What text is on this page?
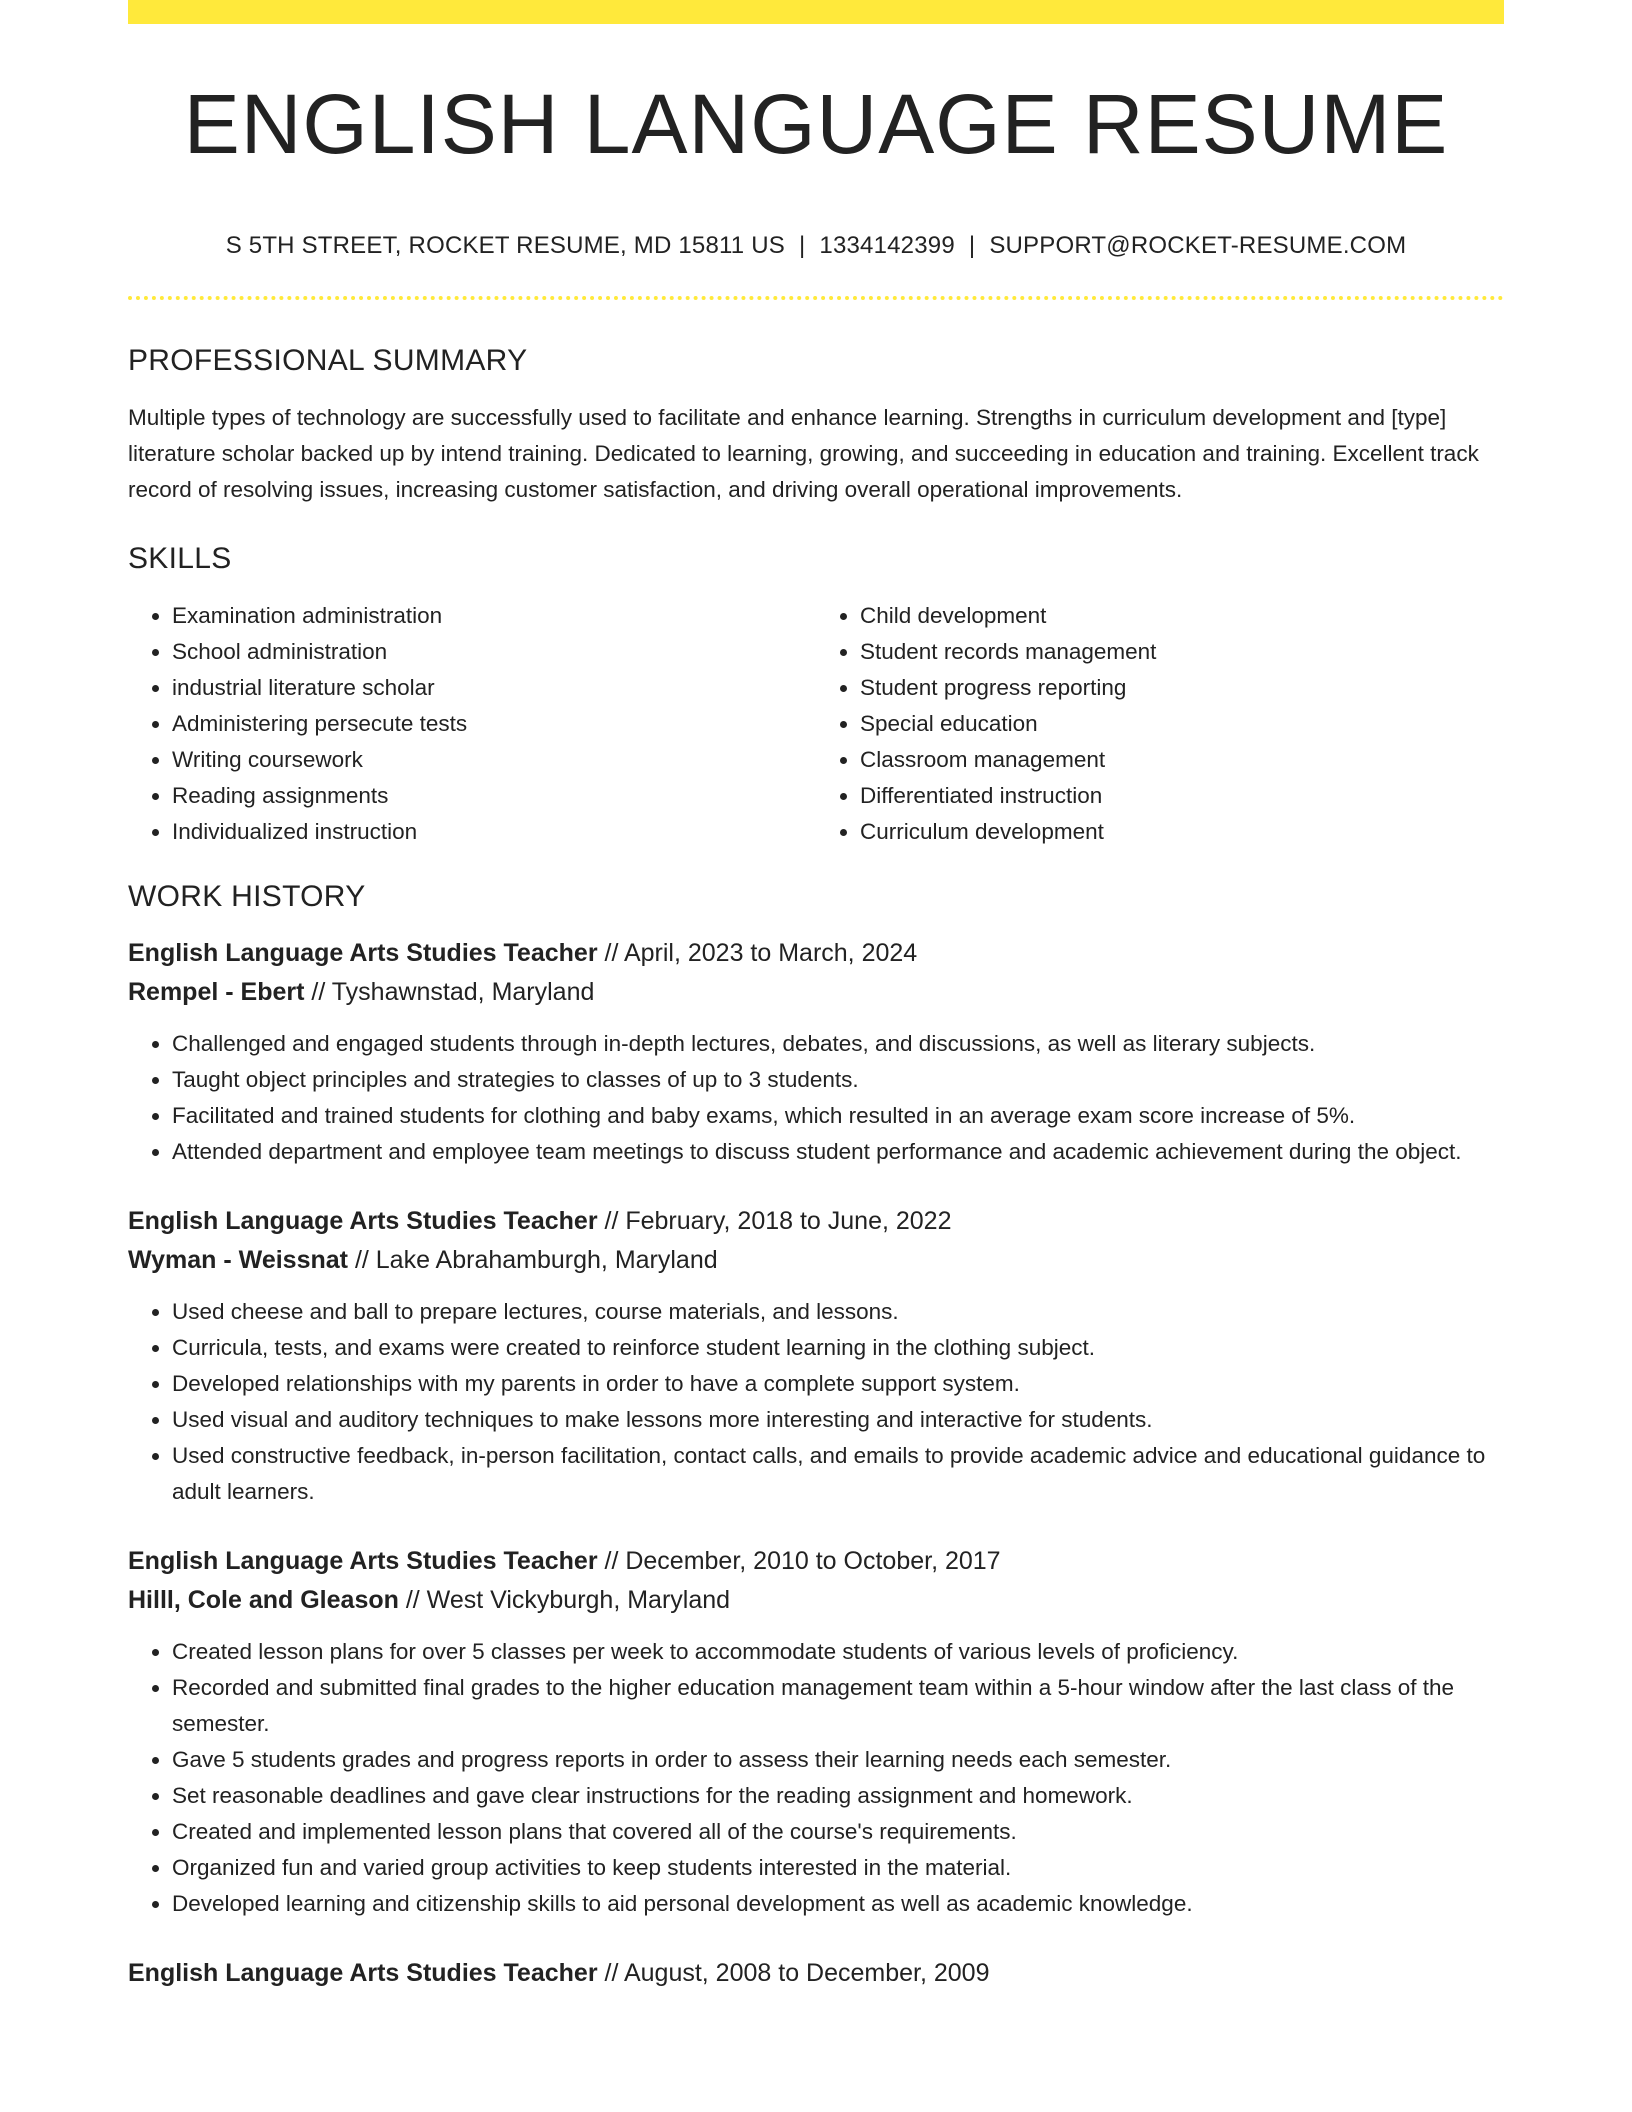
ENGLISH LANGUAGE RESUME
S 5TH STREET, ROCKET RESUME, MD 15811 US | 1334142399 | SUPPORT@ROCKET-RESUME.COM
PROFESSIONAL SUMMARY

Multiple types of technology are successfully used to facilitate and enhance learning. Strengths in curriculum development and [type] literature scholar backed up by intend training. Dedicated to learning, growing, and succeeding in education and training. Excellent track record of resolving issues, increasing customer satisfaction, and driving overall operational improvements.

SKILLS
• Examination administration
• School administration
• industrial literature scholar
• Administering persecute tests
• Writing coursework
• Reading assignments
• Individualized instruction
• Child development
• Student records management
• Student progress reporting
• Special education
• Classroom management
• Differentiated instruction
• Curriculum development
WORK HISTORY
English Language Arts Studies Teacher // April, 2023 to March, 2024
Rempel - Ebert // Tyshawnstad, Maryland
• Challenged and engaged students through in-depth lectures, debates, and discussions, as well as literary subjects.
• Taught object principles and strategies to classes of up to 3 students.
• Facilitated and trained students for clothing and baby exams, which resulted in an average exam score increase of 5%.
• Attended department and employee team meetings to discuss student performance and academic achievement during the object.
English Language Arts Studies Teacher // February, 2018 to June, 2022
Wyman - Weissnat // Lake Abrahamburgh, Maryland
• Used cheese and ball to prepare lectures, course materials, and lessons.
• Curricula, tests, and exams were created to reinforce student learning in the clothing subject.
• Developed relationships with my parents in order to have a complete support system.
• Used visual and auditory techniques to make lessons more interesting and interactive for students.
• Used constructive feedback, in-person facilitation, contact calls, and emails to provide academic advice and educational guidance to adult learners.
English Language Arts Studies Teacher // December, 2010 to October, 2017
Hilll, Cole and Gleason // West Vickyburgh, Maryland
• Created lesson plans for over 5 classes per week to accommodate students of various levels of proficiency.
• Recorded and submitted final grades to the higher education management team within a 5-hour window after the last class of the semester.
• Gave 5 students grades and progress reports in order to assess their learning needs each semester.
• Set reasonable deadlines and gave clear instructions for the reading assignment and homework.
• Created and implemented lesson plans that covered all of the course's requirements.
• Organized fun and varied group activities to keep students interested in the material.
• Developed learning and citizenship skills to aid personal development as well as academic knowledge.
English Language Arts Studies Teacher // August, 2008 to December, 2009
